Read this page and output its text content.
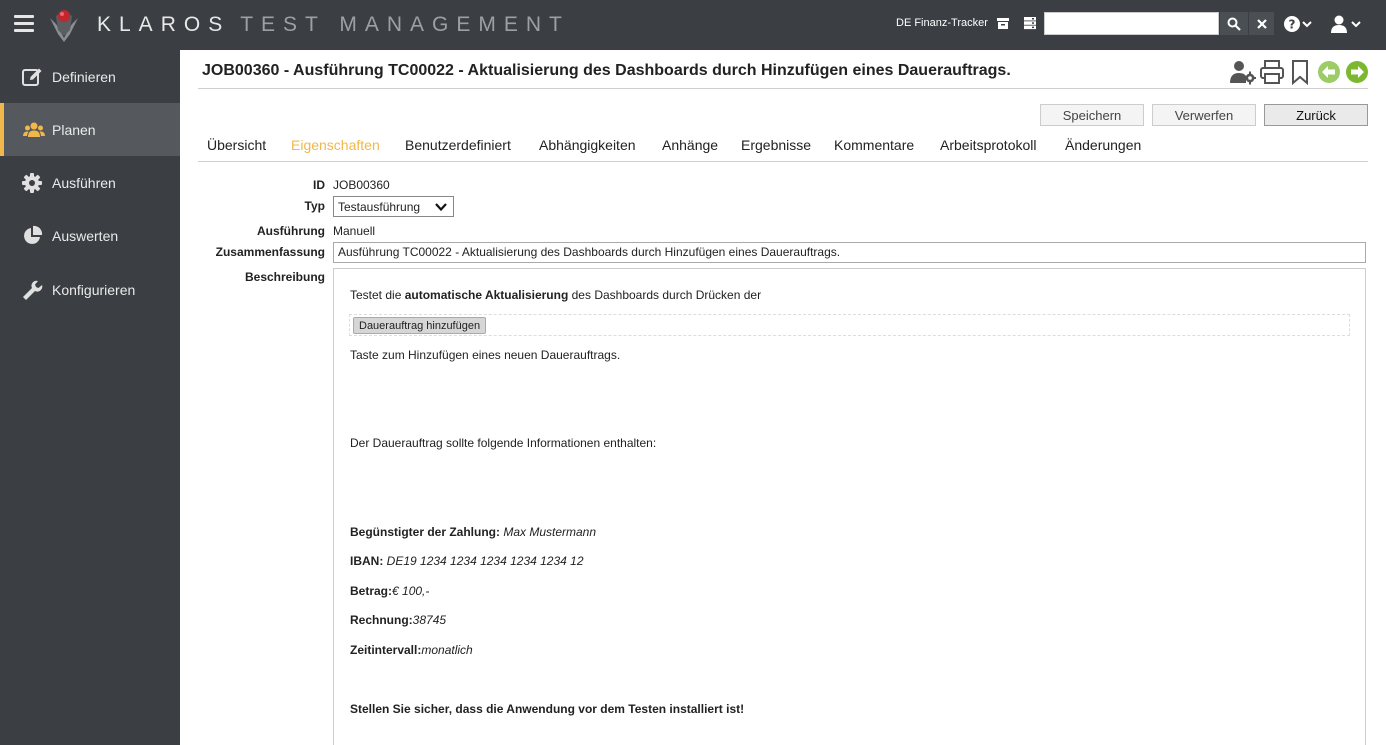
KLAROS TEST MANAGEMENT	DE Finanz-Tracker	?
Definieren
Planen
Ausführen
Auswerten
Konfigurieren
JOB00360 - Ausführung TC00022 - Aktualisierung des Dashboards durch Hinzufügen eines Dauerauftrags.
Speichern	Verwerfen	Zurück
Übersicht Eigenschaften Benutzerdefiniert Abhängigkeiten Anhänge Ergebnisse Kommentare Arbeitsprotokoll Änderungen
ID JOB00360
Typ Testausführung
Ausführung Manuell
Zusammenfassung	Ausführung TC00022 - Aktualisierung des Dashboards durch Hinzufügen eines Dauerauftrags.
Beschreibung

Testet die automatische Aktualisierung des Dashboards durch Drücken der

Dauerauftrag hinzufügen

Taste zum Hinzufügen eines neuen Dauerauftrags.

Der Dauerauftrag sollte folgende Informationen enthalten:

Begünstigter der Zahlung: Max Mustermann

IBAN: DE19 1234 1234 1234 1234 1234 12

Betrag:€ 100,-

Rechnung:38745

Zeitintervall:monatlich

Stellen Sie sicher, dass die Anwendung vor dem Testen installiert ist!
